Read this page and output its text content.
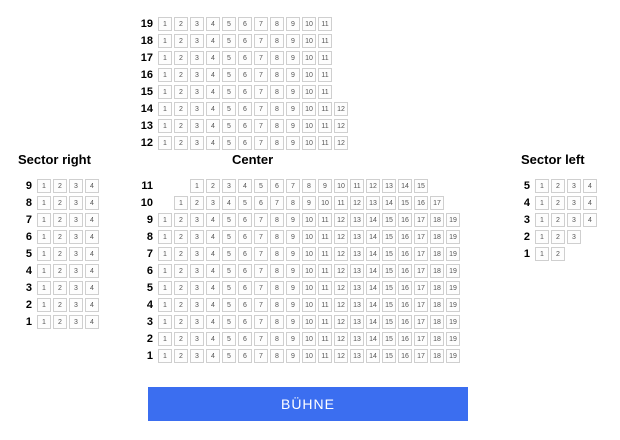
19	1	2	3	4	5	6	7	8	9	10	11
18	1	2	3	4	5	6	7	8	9	10	11
17	1	2	3	4	5	6	7	8	9	10	11
16	1	2	3	4	5	6	7	8	9	10	11
15	1	2	3	4	5	6	7	8	9	10	11
14	1	2	3	4	5	6	7	8	9	10	11	12
13	1	2	3	4	5	6	7	8	9	10	11	12
12	1	2	3	4	5	6	7	8	9	10	11	12
Sector right
9	1	2	3	4
8	1	2	3	4
7	1	2	3	4
6	1	2	3	4
5	1	2	3	4
4	1	2	3	4
3	1	2	3	4
2	1	2	3	4
1	1	2	3	4
Center
11	1	2	3	4	5	6	7	8	9	10	11	12	13	14	15
10	1	2	3	4	5	6	7	8	9	10	11	12	13	14	15	16	17
9	1	2	3	4	5	6	7	8	9	10	11	12	13	14	15	16	17	18	19
8	1	2	3	4	5	6	7	8	9	10	11	12	13	14	15	16	17	18	19
7	1	2	3	4	5	6	7	8	9	10	11	12	13	14	15	16	17	18	19
6	1	2	3	4	5	6	7	8	9	10	11	12	13	14	15	16	17	18	19
5	1	2	3	4	5	6	7	8	9	10	11	12	13	14	15	16	17	18	19
4	1	2	3	4	5	6	7	8	9	10	11	12	13	14	15	16	17	18	19
3	1	2	3	4	5	6	7	8	9	10	11	12	13	14	15	16	17	18	19
2	1	2	3	4	5	6	7	8	9	10	11	12	13	14	15	16	17	18	19
1	1	2	3	4	5	6	7	8	9	10	11	12	13	14	15	16	17	18	19
Sector left
5	1	2	3	4
4	1	2	3	4
3	1	2	3	4
2	1	2	3
1	1	2
BÜHNE
